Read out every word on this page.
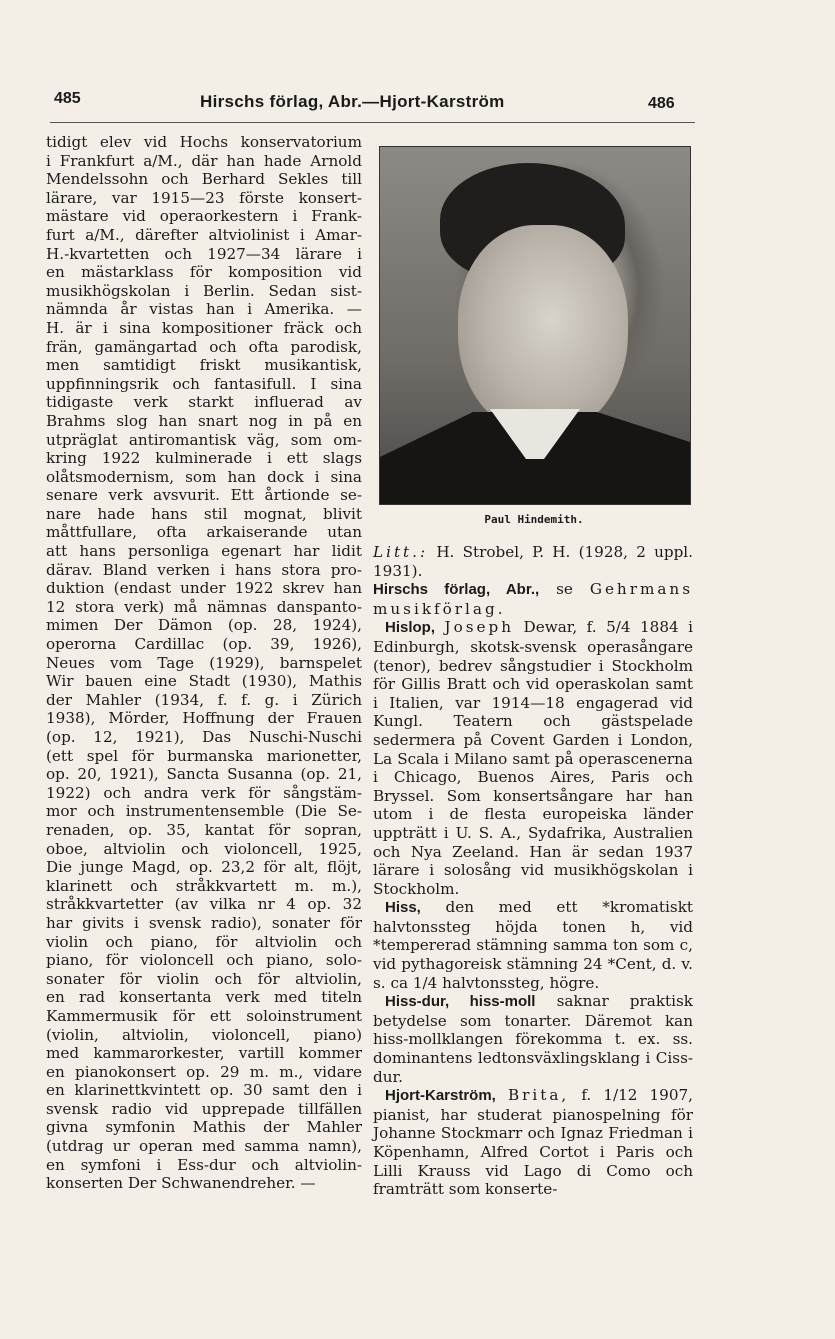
485	Hirschs förlag, Abr.—Hjort-Karström	486
tidigt elev vid Hochs konservatorium
i Frankfurt a/M., där han hade Arnold
Mendelssohn och Berhard Sekles till
lärare, var 1915—23 förste konsert-
mästare vid operaorkestern i Frank-
furt a/M., därefter altviolinist i Amar-
H.-kvartetten och 1927—34 lärare i
en mästarklass för komposition vid
musikhögskolan i Berlin. Sedan sist-
nämnda år vistas han i Amerika. —
H. är i sina kompositioner fräck och
frän, gamängartad och ofta parodisk,
men samtidigt friskt musikantisk,
uppfinningsrik och fantasifull. I sina
tidigaste verk starkt influerad av
Brahms slog han snart nog in på en
utpräglat antiromantisk väg, som om-
kring 1922 kulminerade i ett slags
olåtsmodernism, som han dock i sina
senare verk avsvurit. Ett årtionde se-
nare hade hans stil mognat, blivit
måttfullare, ofta arkaiserande utan
att hans personliga egenart har lidit
därav. Bland verken i hans stora pro-
duktion (endast under 1922 skrev han
12 stora verk) må nämnas danspanto-
mimen Der Dämon (op. 28, 1924),
operorna Cardillac (op. 39, 1926),
Neues vom Tage (1929), barnspelet
Wir bauen eine Stadt (1930), Mathis
der Mahler (1934, f. f. g. i Zürich
1938), Mörder, Hoffnung der Frauen
(op. 12, 1921), Das Nuschi-Nuschi
(ett spel för burmanska marionetter,
op. 20, 1921), Sancta Susanna (op. 21,
1922) och andra verk för sångstäm-
mor och instrumentensemble (Die Se-
renaden, op. 35, kantat för sopran,
oboe, altviolin och violoncell, 1925,
Die junge Magd, op. 23,2 för alt, flöjt,
klarinett och stråkkvartett m. m.),
stråkkvartetter (av vilka nr 4 op. 32
har givits i svensk radio), sonater för
violin och piano, för altviolin och
piano, för violoncell och piano, solo-
sonater för violin och för altviolin,
en rad konsertanta verk med titeln
Kammermusik för ett soloinstrument
(violin, altviolin, violoncell, piano)
med kammarorkester, vartill kommer
en pianokonsert op. 29 m. m., vidare
en klarinettkvintett op. 30 samt den i
svensk radio vid upprepade tillfällen
givna symfonin Mathis der Mahler
(utdrag ur operan med samma namn),
en symfoni i Ess-dur och altviolin-
konserten Der Schwanendreher. —
Paul Hindemith.

Litt.: H. Strobel, P. H. (1928, 2 uppl. 1931).

Hirschs förlag, Abr., se Gehrmans musikförlag.

Hislop, Joseph Dewar, f. 5/4 1884 i Edinburgh, skotsk-svensk operasångare (tenor), bedrev sångstudier i Stockholm för Gillis Bratt och vid operaskolan samt i Italien, var 1914—18 engagerad vid Kungl. Teatern och gästspelade sedermera på Covent Garden i London, La Scala i Milano samt på operascenerna i Chicago, Buenos Aires, Paris och Bryssel. Som konsertsångare har han utom i de flesta europeiska länder uppträtt i U. S. A., Sydafrika, Australien och Nya Zeeland. Han är sedan 1937 lärare i solosång vid musikhögskolan i Stockholm.

Hiss, den med ett *kromatiskt halvtonssteg höjda tonen h, vid *tempererad stämning samma ton som c, vid pythagoreisk stämning 24 *Cent, d. v. s. ca 1/4 halvtonssteg, högre.

Hiss-dur, hiss-moll saknar praktisk betydelse som tonarter. Däremot kan hiss-mollklangen förekomma t. ex. ss. dominantens ledtonsväxlingsklang i Ciss-dur.

Hjort-Karström, Brita, f. 1/12 1907, pianist, har studerat pianospelning för Johanne Stockmarr och Ignaz Friedman i Köpenhamn, Alfred Cortot i Paris och Lilli Krauss vid Lago di Como och framträtt som konserte-
